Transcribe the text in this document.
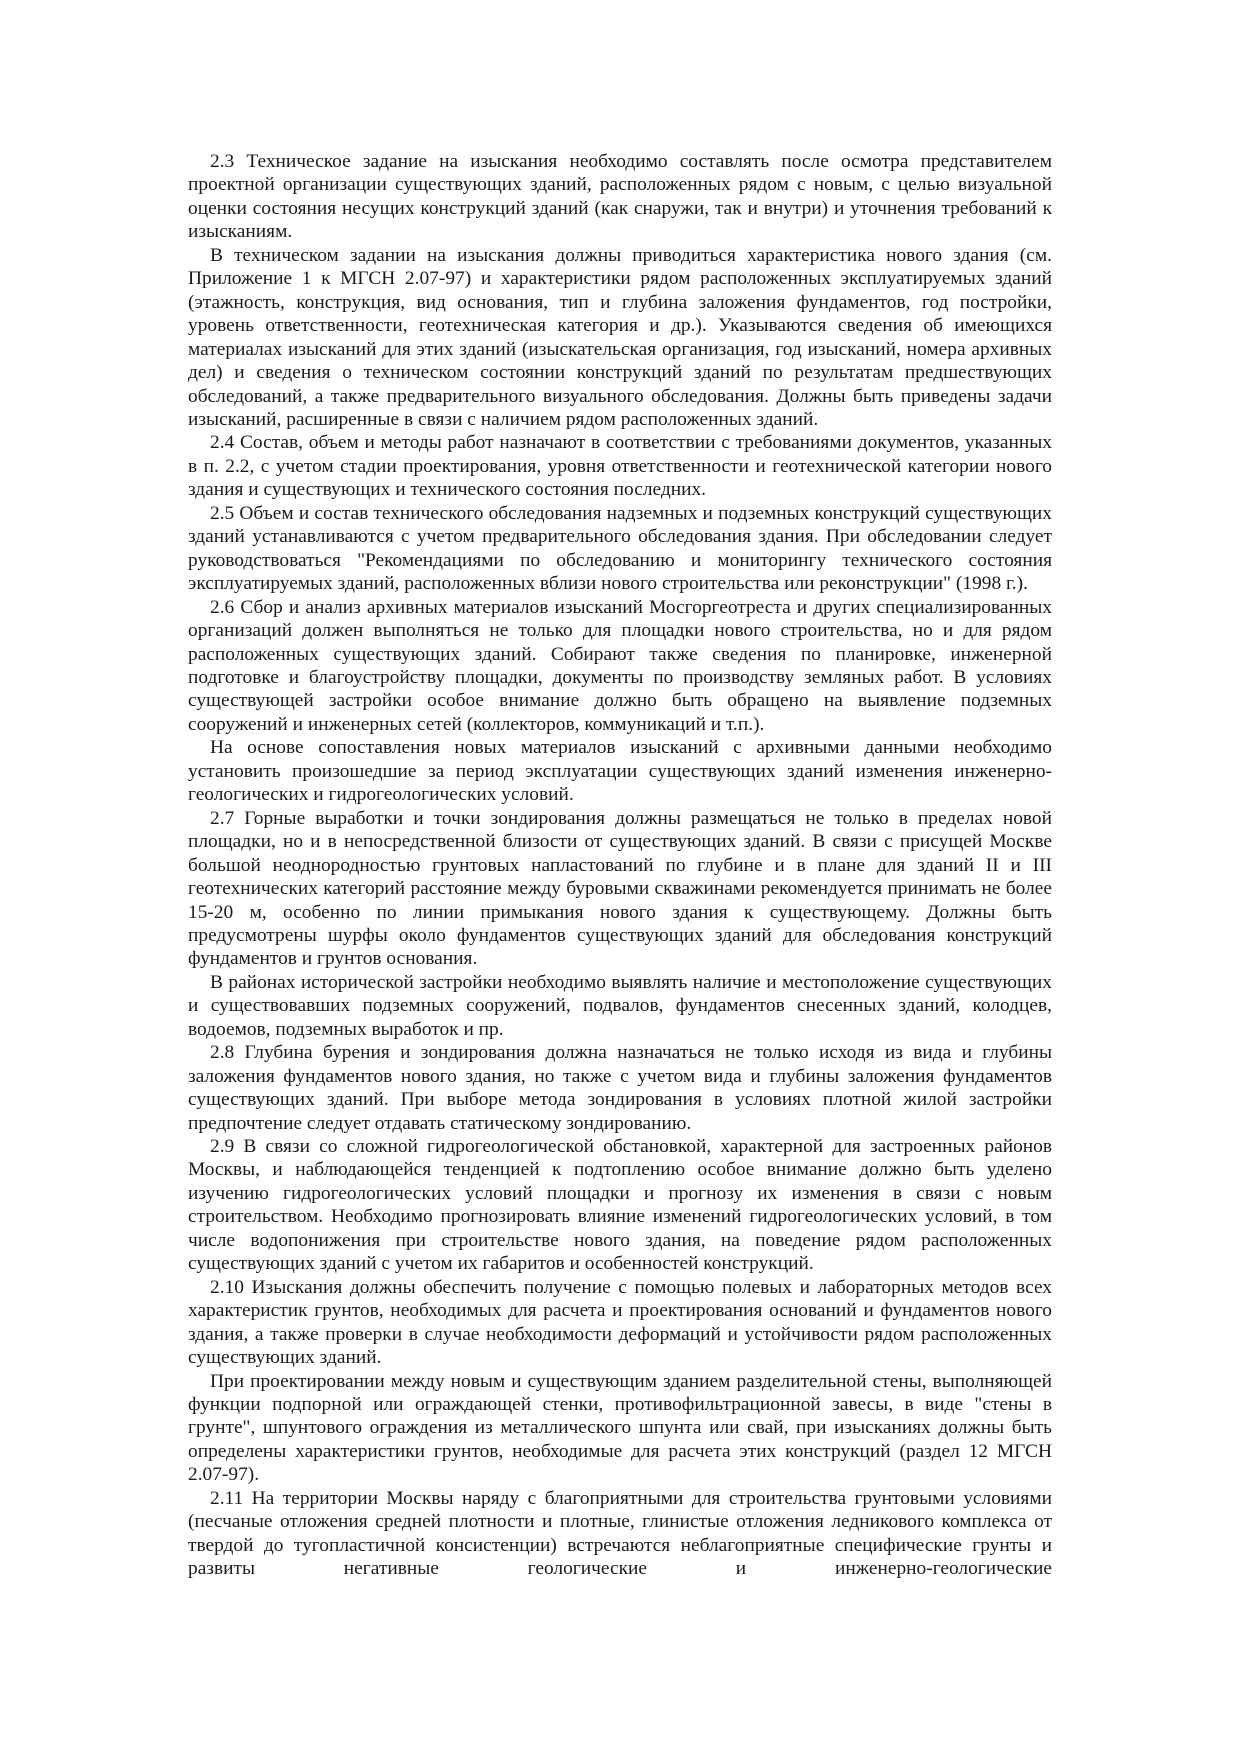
2.3 Техническое задание на изыскания необходимо составлять после осмотра представителем проектной организации существующих зданий, расположенных рядом с новым, с целью визуальной оценки состояния несущих конструкций зданий (как снаружи, так и внутри) и уточнения требований к изысканиям.

В техническом задании на изыскания должны приводиться характеристика нового здания (см. Приложение 1 к МГСН 2.07-97) и характеристики рядом расположенных эксплуатируемых зданий (этажность, конструкция, вид основания, тип и глубина заложения фундаментов, год постройки, уровень ответственности, геотехническая категория и др.). Указываются сведения об имеющихся материалах изысканий для этих зданий (изыскательская организация, год изысканий, номера архивных дел) и сведения о техническом состоянии конструкций зданий по результатам предшествующих обследований, а также предварительного визуального обследования. Должны быть приведены задачи изысканий, расширенные в связи с наличием рядом расположенных зданий.

2.4 Состав, объем и методы работ назначают в соответствии с требованиями документов, указанных в п. 2.2, с учетом стадии проектирования, уровня ответственности и геотехнической категории нового здания и существующих и технического состояния последних.

2.5 Объем и состав технического обследования надземных и подземных конструкций существующих зданий устанавливаются с учетом предварительного обследования здания. При обследовании следует руководствоваться "Рекомендациями по обследованию и мониторингу технического состояния эксплуатируемых зданий, расположенных вблизи нового строительства или реконструкции" (1998 г.).

2.6 Сбор и анализ архивных материалов изысканий Мосгоргеотреста и других специализированных организаций должен выполняться не только для площадки нового строительства, но и для рядом расположенных существующих зданий. Собирают также сведения по планировке, инженерной подготовке и благоустройству площадки, документы по производству земляных работ. В условиях существующей застройки особое внимание должно быть обращено на выявление подземных сооружений и инженерных сетей (коллекторов, коммуникаций и т.п.).

На основе сопоставления новых материалов изысканий с архивными данными необходимо установить произошедшие за период эксплуатации существующих зданий изменения инженерно-геологических и гидрогеологических условий.

2.7 Горные выработки и точки зондирования должны размещаться не только в пределах новой площадки, но и в непосредственной близости от существующих зданий. В связи с присущей Москве большой неоднородностью грунтовых напластований по глубине и в плане для зданий II и III геотехнических категорий расстояние между буровыми скважинами рекомендуется принимать не более 15-20 м, особенно по линии примыкания нового здания к существующему. Должны быть предусмотрены шурфы около фундаментов существующих зданий для обследования конструкций фундаментов и грунтов основания.

В районах исторической застройки необходимо выявлять наличие и местоположение существующих и существовавших подземных сооружений, подвалов, фундаментов снесенных зданий, колодцев, водоемов, подземных выработок и пр.

2.8 Глубина бурения и зондирования должна назначаться не только исходя из вида и глубины заложения фундаментов нового здания, но также с учетом вида и глубины заложения фундаментов существующих зданий. При выборе метода зондирования в условиях плотной жилой застройки предпочтение следует отдавать статическому зондированию.

2.9 В связи со сложной гидрогеологической обстановкой, характерной для застроенных районов Москвы, и наблюдающейся тенденцией к подтоплению особое внимание должно быть уделено изучению гидрогеологических условий площадки и прогнозу их изменения в связи с новым строительством. Необходимо прогнозировать влияние изменений гидрогеологических условий, в том числе водопонижения при строительстве нового здания, на поведение рядом расположенных существующих зданий с учетом их габаритов и особенностей конструкций.

2.10 Изыскания должны обеспечить получение с помощью полевых и лабораторных методов всех характеристик грунтов, необходимых для расчета и проектирования оснований и фундаментов нового здания, а также проверки в случае необходимости деформаций и устойчивости рядом расположенных существующих зданий.

При проектировании между новым и существующим зданием разделительной стены, выполняющей функции подпорной или ограждающей стенки, противофильтрационной завесы, в виде "стены в грунте", шпунтового ограждения из металлического шпунта или свай, при изысканиях должны быть определены характеристики грунтов, необходимые для расчета этих конструкций (раздел 12 МГСН 2.07-97).

2.11 На территории Москвы наряду с благоприятными для строительства грунтовыми условиями (песчаные отложения средней плотности и плотные, глинистые отложения ледникового комплекса от твердой до тугопластичной консистенции) встречаются неблагоприятные специфические грунты и развиты негативные геологические и инженерно-геологические
